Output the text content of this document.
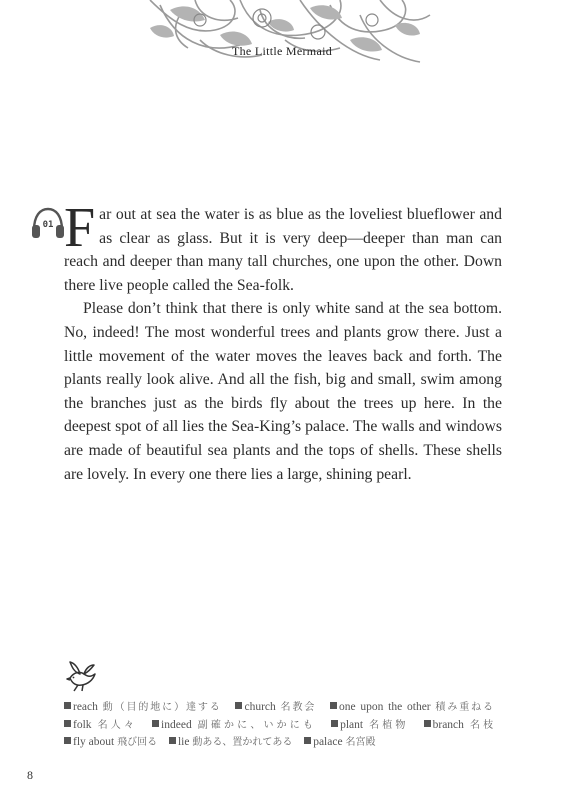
The Little Mermaid
01 Far out at sea the water is as blue as the loveliest blueflower and as clear as glass. But it is very deep—deeper than man can reach and deeper than many tall churches, one upon the other. Down there live people called the Sea-folk.

Please don’t think that there is only white sand at the sea bottom. No, indeed! The most wonderful trees and plants grow there. Just a little movement of the water moves the leaves back and forth. The plants really look alive. And all the fish, big and small, swim among the branches just as the birds fly about the trees up here. In the deepest spot of all lies the Sea-King’s palace. The walls and windows are made of beautiful sea plants and the tops of shells. These shells are lovely. In every one there lies a large, shining pearl.

reach 動（目的地に）達する church 名教会 one upon the other 積み重ねる folk 名人々 indeed 副確かに、いかにも plant 名植物 branch 名枝 fly about 飛び回る lie 動ある、置かれてある palace 名宮殿
8
